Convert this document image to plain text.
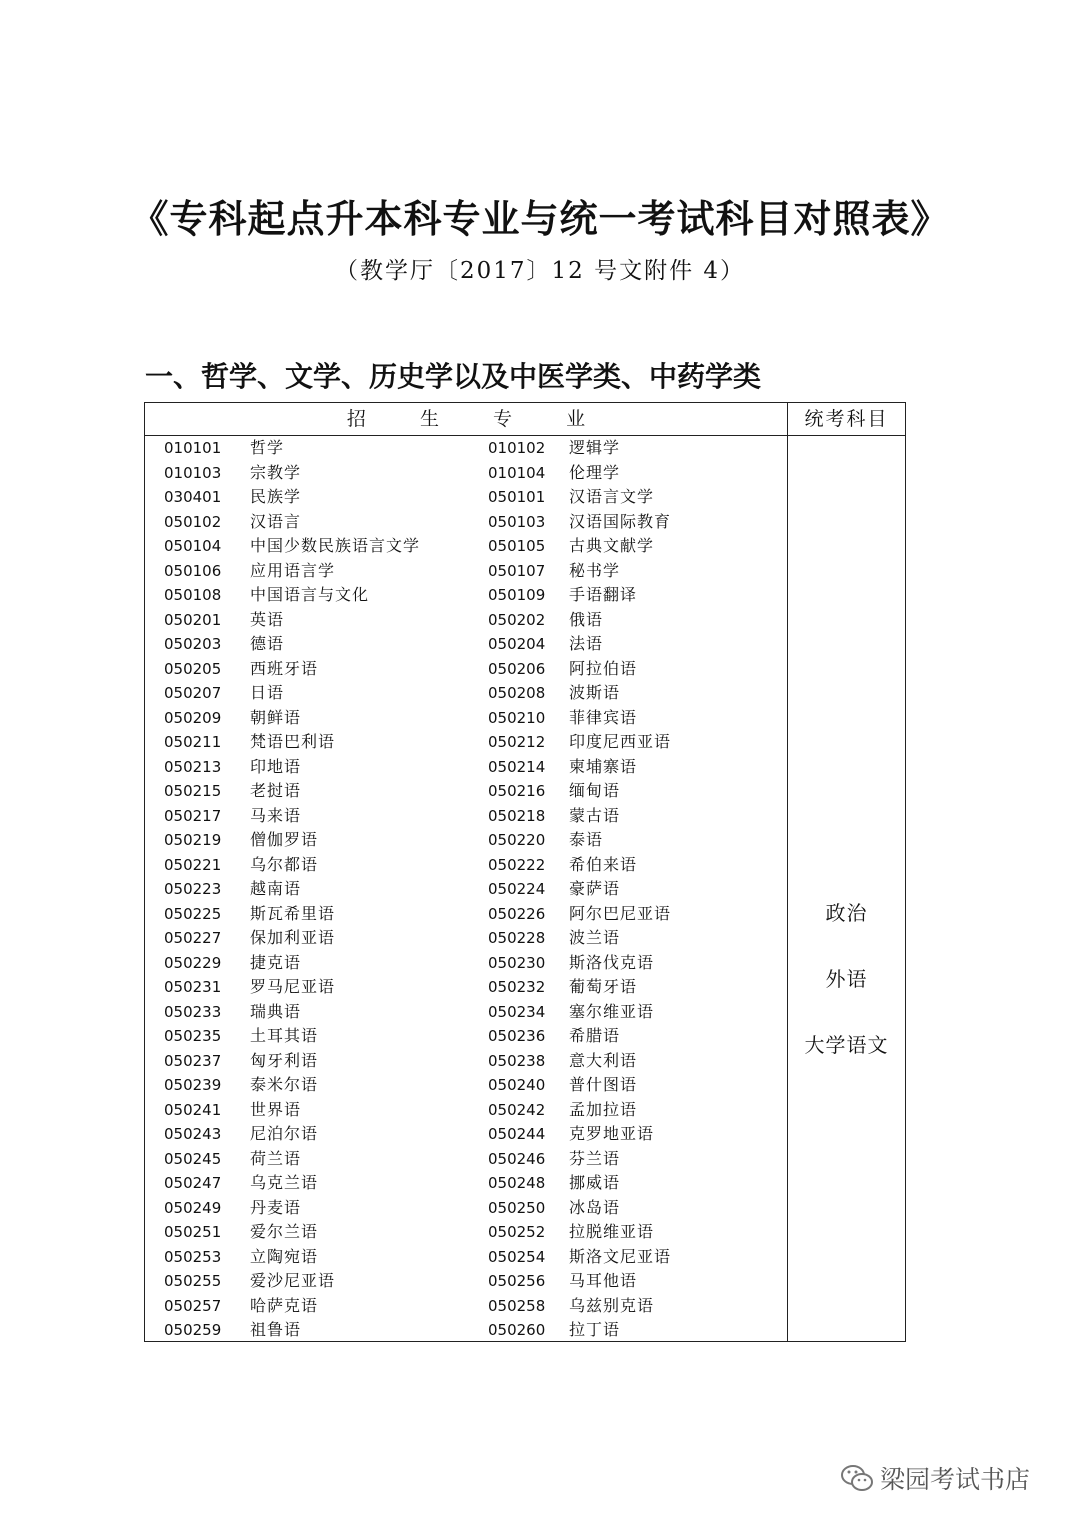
《专科起点升本科专业与统一考试科目对照表》

（教学厅〔2017〕12 号文附件 4）

一、哲学、文学、历史学以及中医学类、中药学类
招	生	专	业	统考科目
010101 哲学	010102 逻辑学
010103 宗教学	010104 伦理学
030401 民族学	050101 汉语言文学
050102 汉语言	050103 汉语国际教育
050104 中国少数民族语言文学	050105 古典文献学
050106 应用语言学	050107 秘书学
050108 中国语言与文化	050109 手语翻译
050201 英语	050202 俄语
050203 德语	050204 法语
050205 西班牙语	050206 阿拉伯语
050207 日语	050208 波斯语
050209 朝鲜语	050210 菲律宾语
050211 梵语巴利语	050212 印度尼西亚语
050213 印地语	050214 柬埔寨语
050215 老挝语	050216 缅甸语
050217 马来语	050218 蒙古语
050219 僧伽罗语	050220 泰语
050221 乌尔都语	050222 希伯来语
050223 越南语	050224 豪萨语
050225 斯瓦希里语	050226 阿尔巴尼亚语
050227 保加利亚语	050228 波兰语
050229 捷克语	050230 斯洛伐克语
050231 罗马尼亚语	050232 葡萄牙语
050233 瑞典语	050234 塞尔维亚语
050235 土耳其语	050236 希腊语
050237 匈牙利语	050238 意大利语
050239 泰米尔语	050240 普什图语
050241 世界语	050242 孟加拉语
050243 尼泊尔语	050244 克罗地亚语
050245 荷兰语	050246 芬兰语
050247 乌克兰语	050248 挪威语
050249 丹麦语	050250 冰岛语
050251 爱尔兰语	050252 拉脱维亚语
050253 立陶宛语	050254 斯洛文尼亚语
050255 爱沙尼亚语	050256 马耳他语
050257 哈萨克语	050258 乌兹别克语
050259 祖鲁语	050260 拉丁语
政治
外语
大学语文
梁园考试书店
